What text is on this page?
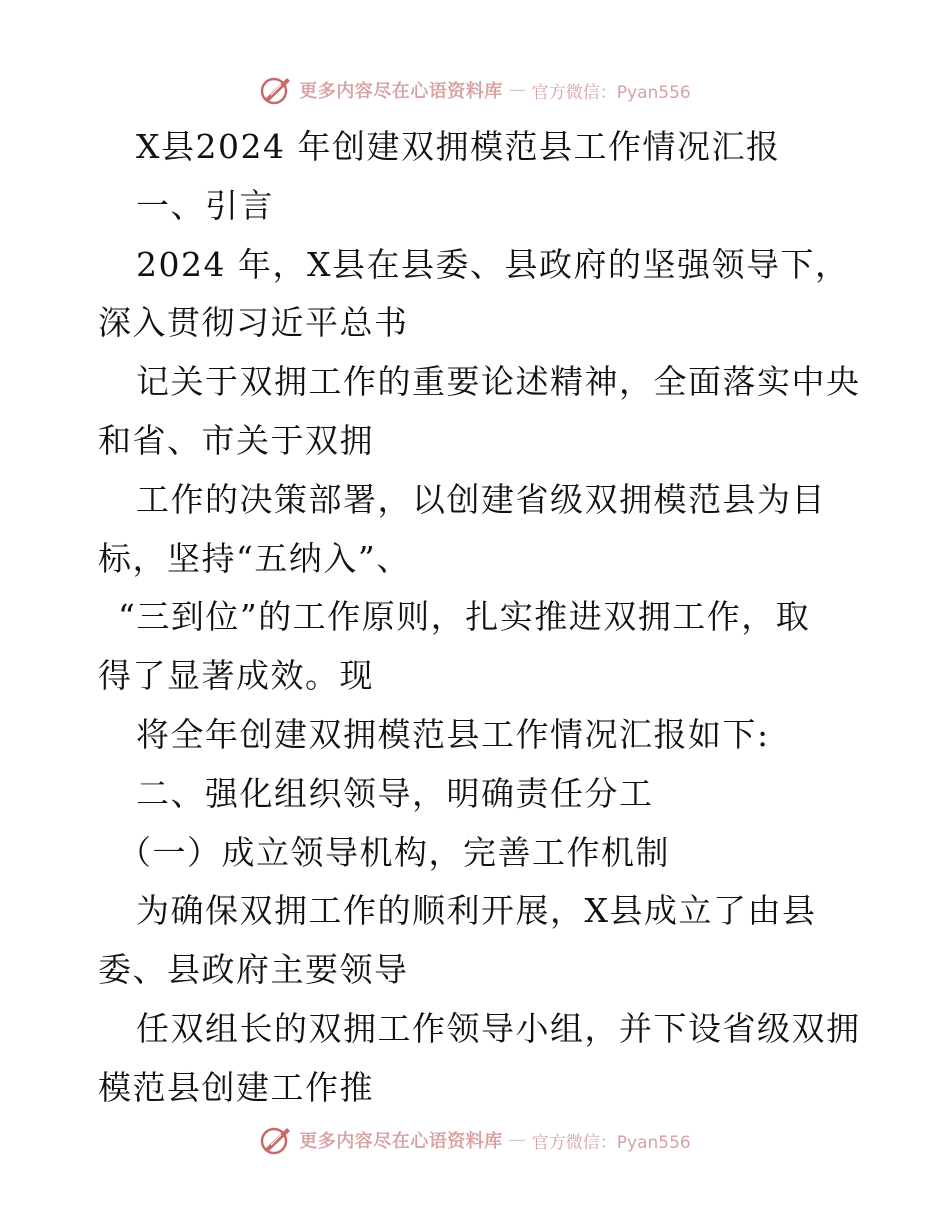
更多内容尽在心语资料库 — 官方微信：Pyan556
X县2024 年创建双拥模范县工作情况汇报
一、引言
2024 年，X县在县委、县政府的坚强领导下，
深入贯彻习近平总书
记关于双拥工作的重要论述精神，全面落实中央
和省、市关于双拥
工作的决策部署，以创建省级双拥模范县为目
标，坚持“五纳入”、
“三到位”的工作原则，扎实推进双拥工作，取
得了显著成效。现
将全年创建双拥模范县工作情况汇报如下:
二、强化组织领导，明确责任分工
（一）成立领导机构，完善工作机制
为确保双拥工作的顺利开展，X县成立了由县
委、县政府主要领导
任双组长的双拥工作领导小组，并下设省级双拥
模范县创建工作推
更多内容尽在心语资料库 — 官方微信：Pyan556
